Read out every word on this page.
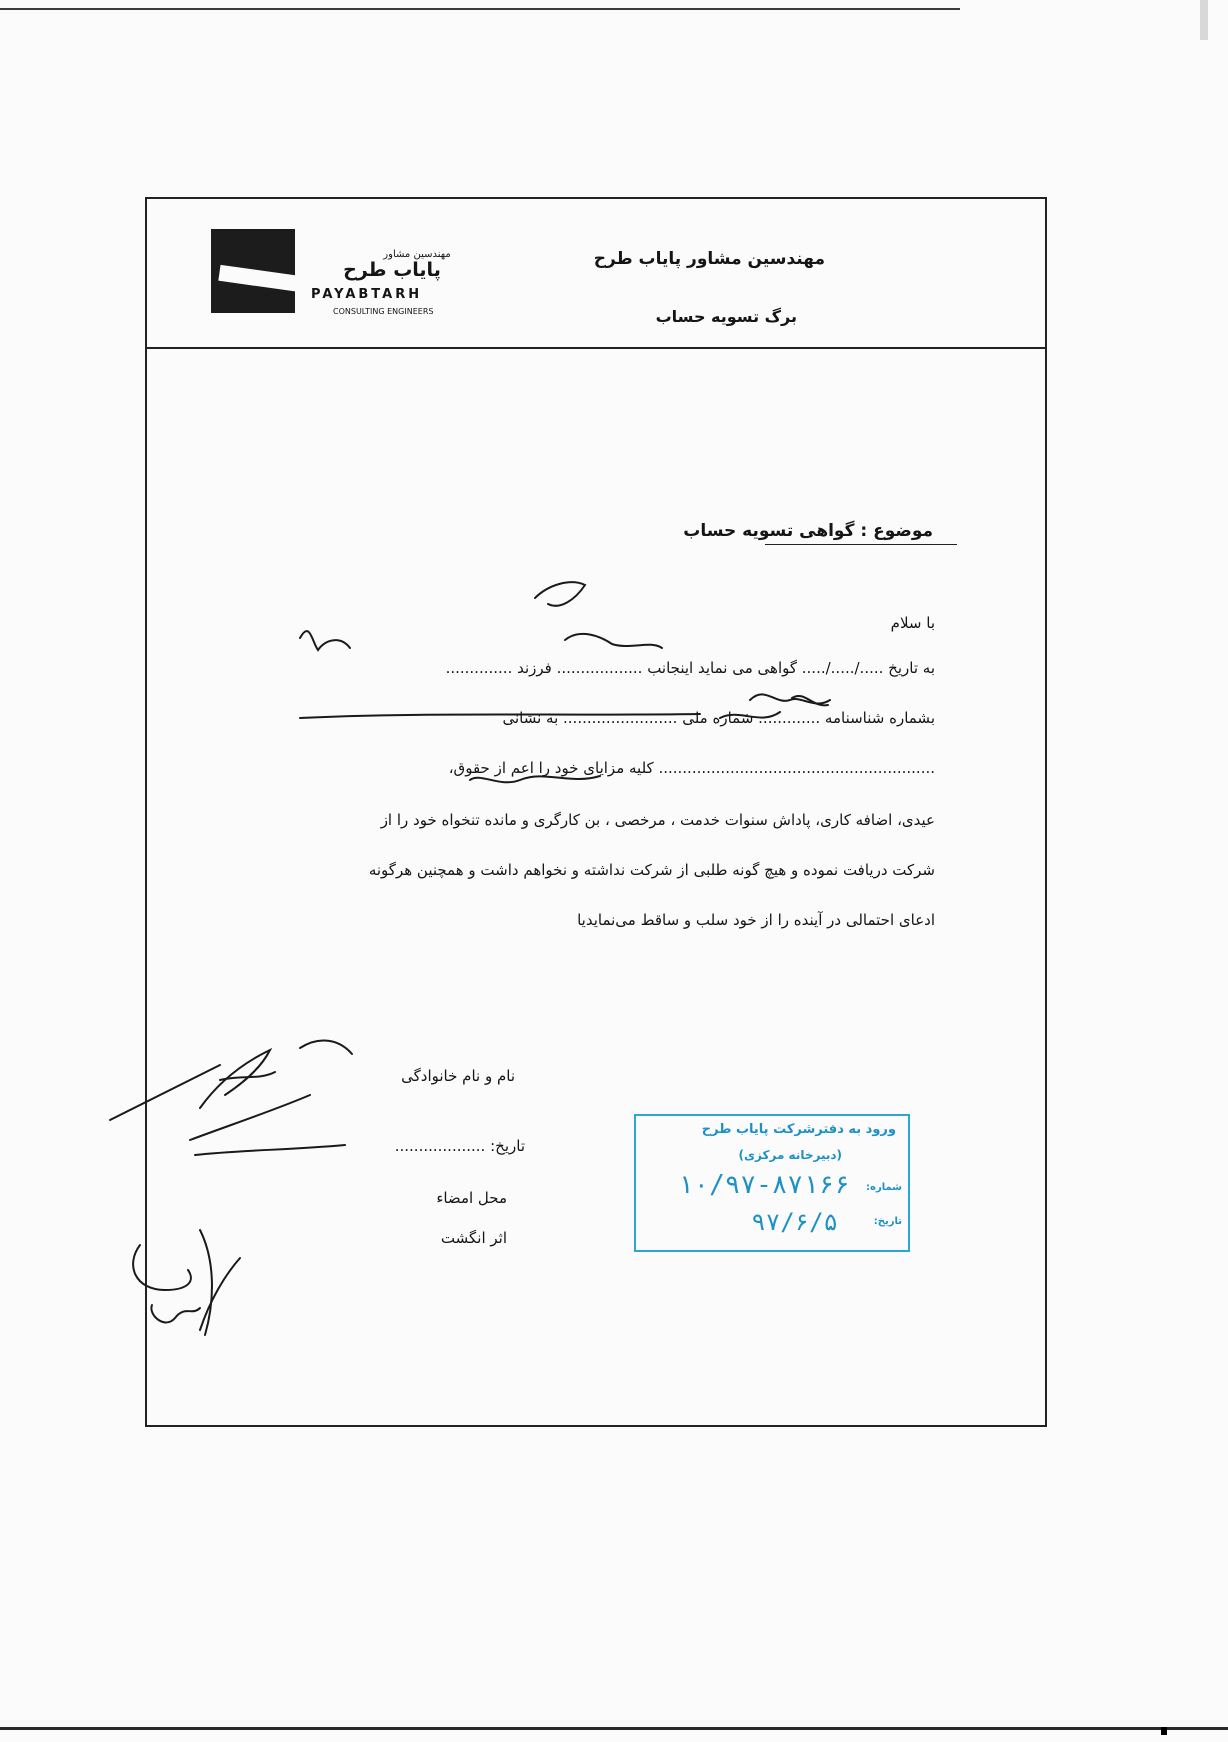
مهندسین مشاور
پایاب طرح
PAYABTARH
CONSULTING ENGINEERS
مهندسین مشاور پایاب طرح
برگ تسویه حساب
موضوع : گواهی تسویه حساب
با سلام
به تاریخ ...../...../..... گواهی می نماید اینجانب .................. فرزند ..............
بشماره شناسنامه ............. شماره ملی ........................ به نشانی
.......................................................... کلیه مزایای خود را اعم از حقوق،
عیدی، اضافه کاری، پاداش سنوات خدمت ، مرخصی ، بن کارگری و مانده تنخواه خود را از
شرکت دریافت نموده و هیچ گونه طلبی از شرکت نداشته و نخواهم داشت و همچنین هرگونه
ادعای احتمالی در آینده را از خود سلب و ساقط می‌نمایدیا
نام و نام خانوادگی
تاریخ: ...................
محل امضاء
اثر انگشت
ورود به دفترشرکت پایاب طرح
(دبیرخانه مرکزی)
شماره:
۱۰/۹۷-۸۷۱۶۶
تاریخ:
۹۷/۶/۵
